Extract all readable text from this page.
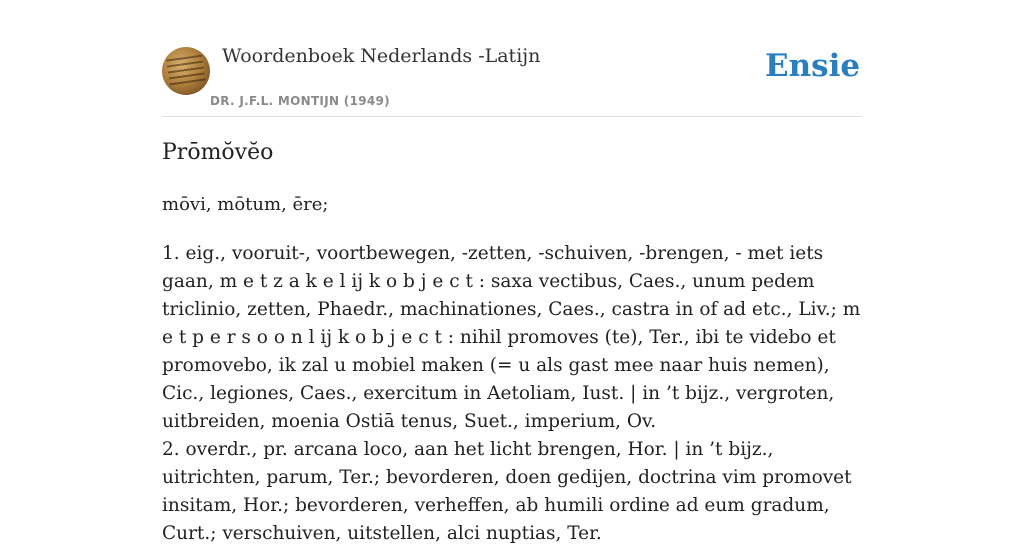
Woordenboek Nederlands -Latijn
DR. J.F.L. MONTIJN (1949)
Ensie
Prōmŏvĕo
mōvi, mōtum, ēre;

1. eig., vooruit-, voortbewegen, -zetten, -schuiven, -brengen, - met iets gaan, m e t z a k e l ij k o b j e c t : saxa vectibus, Caes., unum pedem triclinio, zetten, Phaedr., machinationes, Caes., castra in of ad etc., Liv.; m e t p e r s o o n l ij k o b j e c t : nihil promoves (te), Ter., ibi te videbo et promovebo, ik zal u mobiel maken (= u als gast mee naar huis nemen), Cic., legiones, Caes., exercitum in Aetoliam, Iust. | in ’t bijz., vergroten, uitbreiden, moenia Ostiā tenus, Suet., imperium, Ov.

2. overdr., pr. arcana loco, aan het licht brengen, Hor. | in ’t bijz., uitrichten, parum, Ter.; bevorderen, doen gedijen, doctrina vim promovet insitam, Hor.; bevorderen, verheffen, ab humili ordine ad eum gradum, Curt.; verschuiven, uitstellen, alci nuptias, Ter.
